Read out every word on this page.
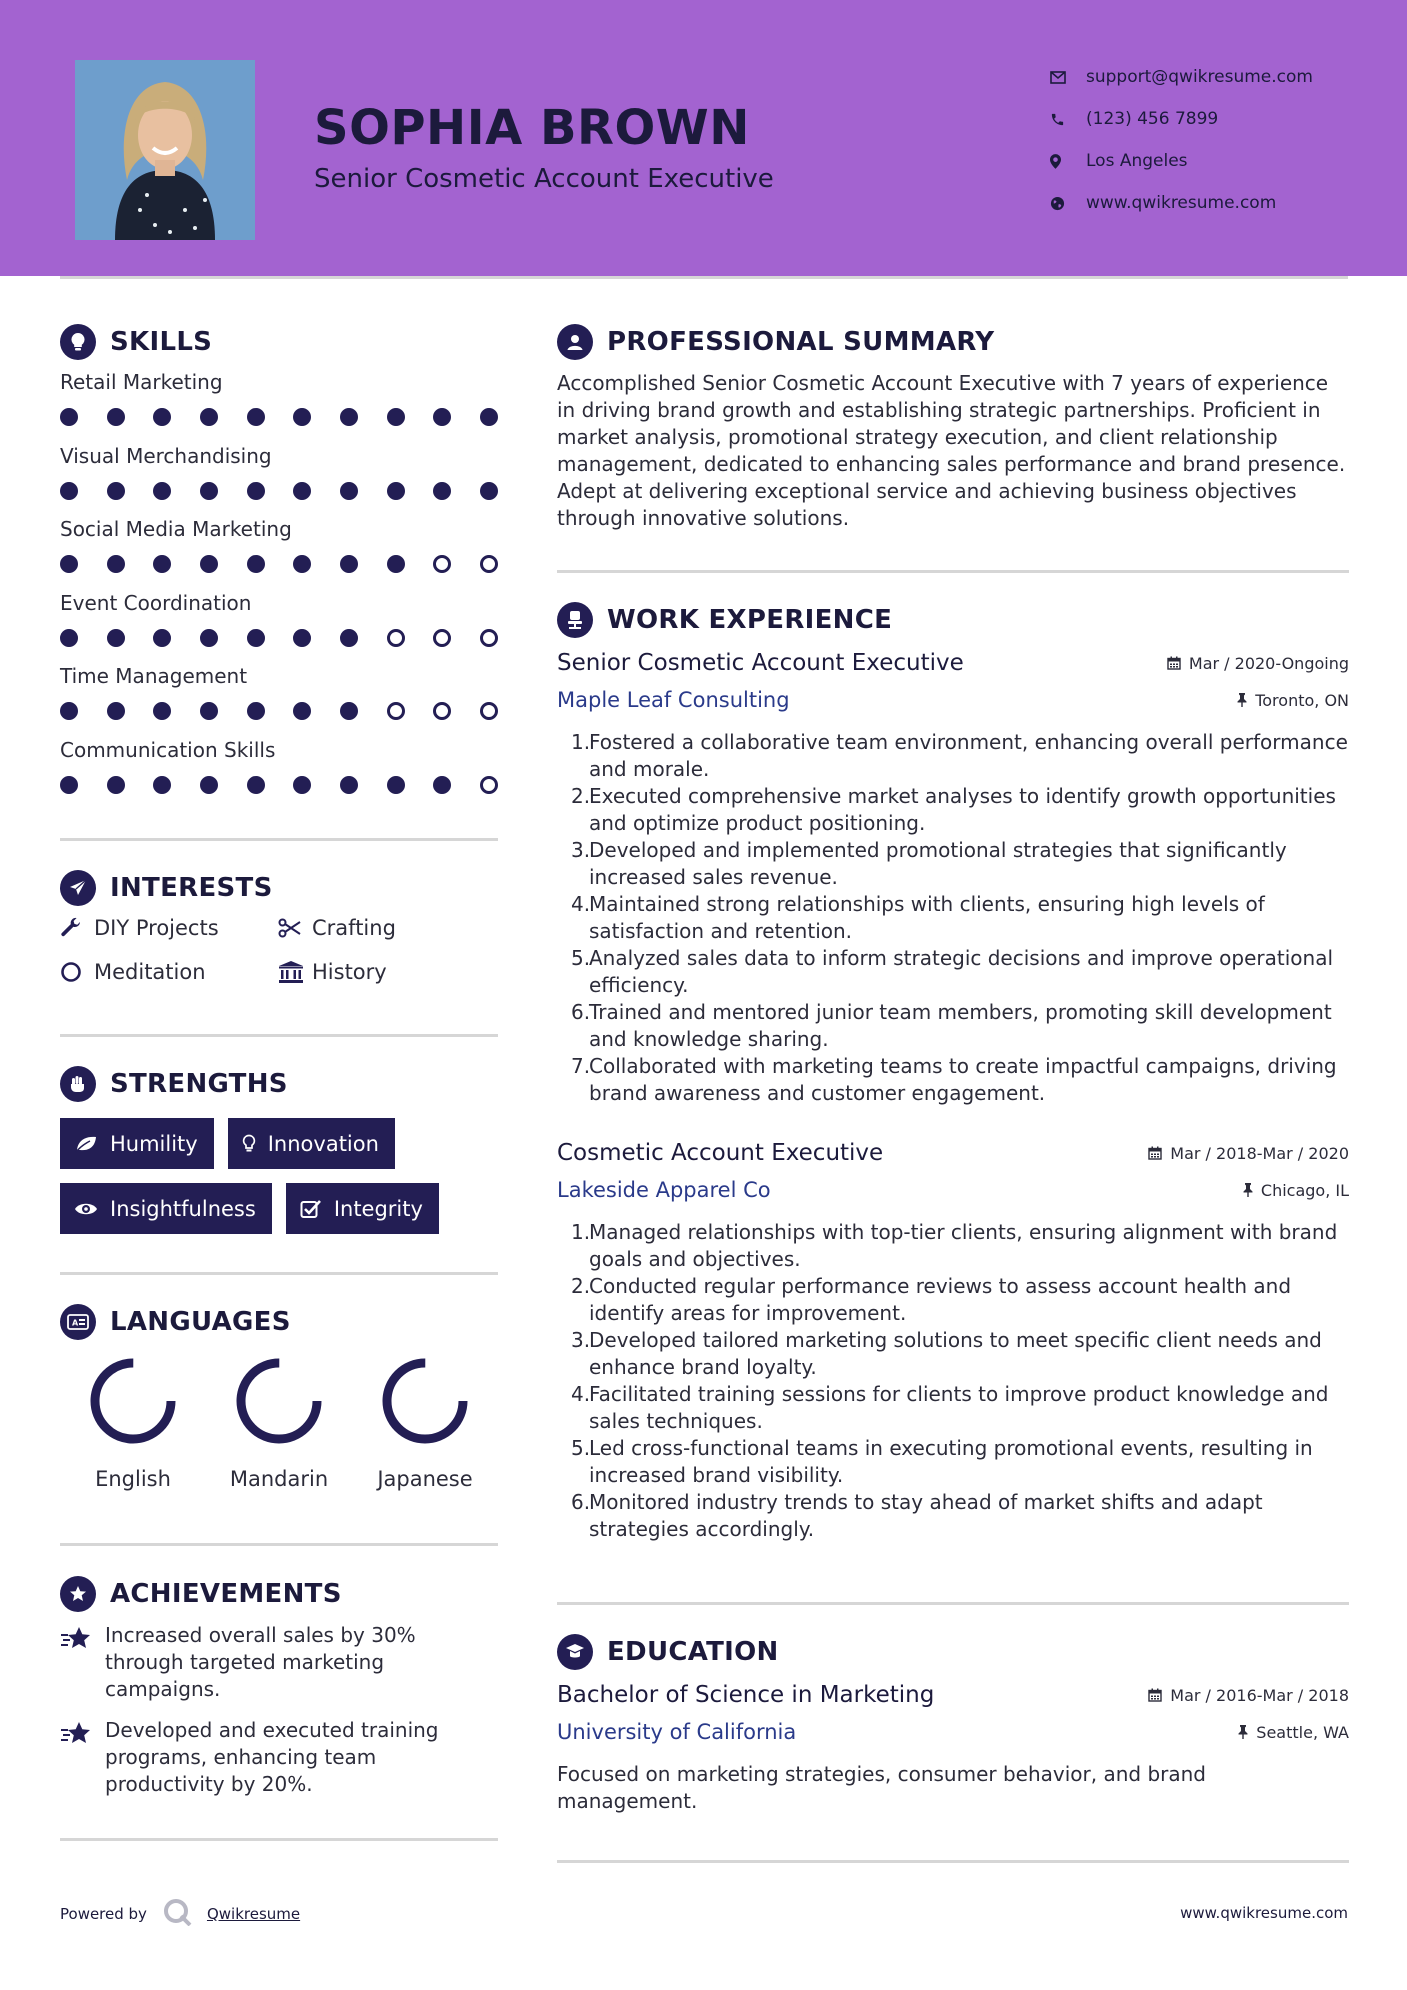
SOPHIA BROWN
Senior Cosmetic Account Executive
support@qwikresume.com
(123) 456 7899
Los Angeles
www.qwikresume.com
SKILLS
Retail Marketing
Visual Merchandising
Social Media Marketing
Event Coordination
Time Management
Communication Skills
INTERESTS
DIY Projects	Crafting
Meditation	History
STRENGTHS
Humility	Innovation
Insightfulness	Integrity
A LANGUAGES
English	Mandarin Japanese
ACHIEVEMENTS
Increased overall sales by 30% through targeted marketing campaigns.
Developed and executed training programs, enhancing team productivity by 20%.
PROFESSIONAL SUMMARY
Accomplished Senior Cosmetic Account Executive with 7 years of experience in driving brand growth and establishing strategic partnerships. Proficient in market analysis, promotional strategy execution, and client relationship management, dedicated to enhancing sales performance and brand presence. Adept at delivering exceptional service and achieving business objectives through innovative solutions.
WORK EXPERIENCE
Senior Cosmetic Account Executive	Mar / 2020-Ongoing
Maple Leaf Consulting	Toronto, ON
1.
Fostered a collaborative team environment, enhancing overall performance and morale.
2.
Executed comprehensive market analyses to identify growth opportunities and optimize product positioning.
3.
Developed and implemented promotional strategies that significantly increased sales revenue.
4.
Maintained strong relationships with clients, ensuring high levels of satisfaction and retention.
5.
Analyzed sales data to inform strategic decisions and improve operational efficiency.
6.
Trained and mentored junior team members, promoting skill development and knowledge sharing.
7.
Collaborated with marketing teams to create impactful campaigns, driving brand awareness and customer engagement.
Cosmetic Account Executive	Mar / 2018-Mar / 2020
Lakeside Apparel Co	Chicago, IL
1.
Managed relationships with top-tier clients, ensuring alignment with brand goals and objectives.
2.
Conducted regular performance reviews to assess account health and identify areas for improvement.
3.
Developed tailored marketing solutions to meet specific client needs and enhance brand loyalty.
4.
Facilitated training sessions for clients to improve product knowledge and sales techniques.
5.
Led cross-functional teams in executing promotional events, resulting in increased brand visibility.
6.
Monitored industry trends to stay ahead of market shifts and adapt strategies accordingly.
EDUCATION
Bachelor of Science in Marketing	Mar / 2016-Mar / 2018
University of California	Seattle, WA
Focused on marketing strategies, consumer behavior, and brand management.
Powered by	Qwikresume	www.qwikresume.com
